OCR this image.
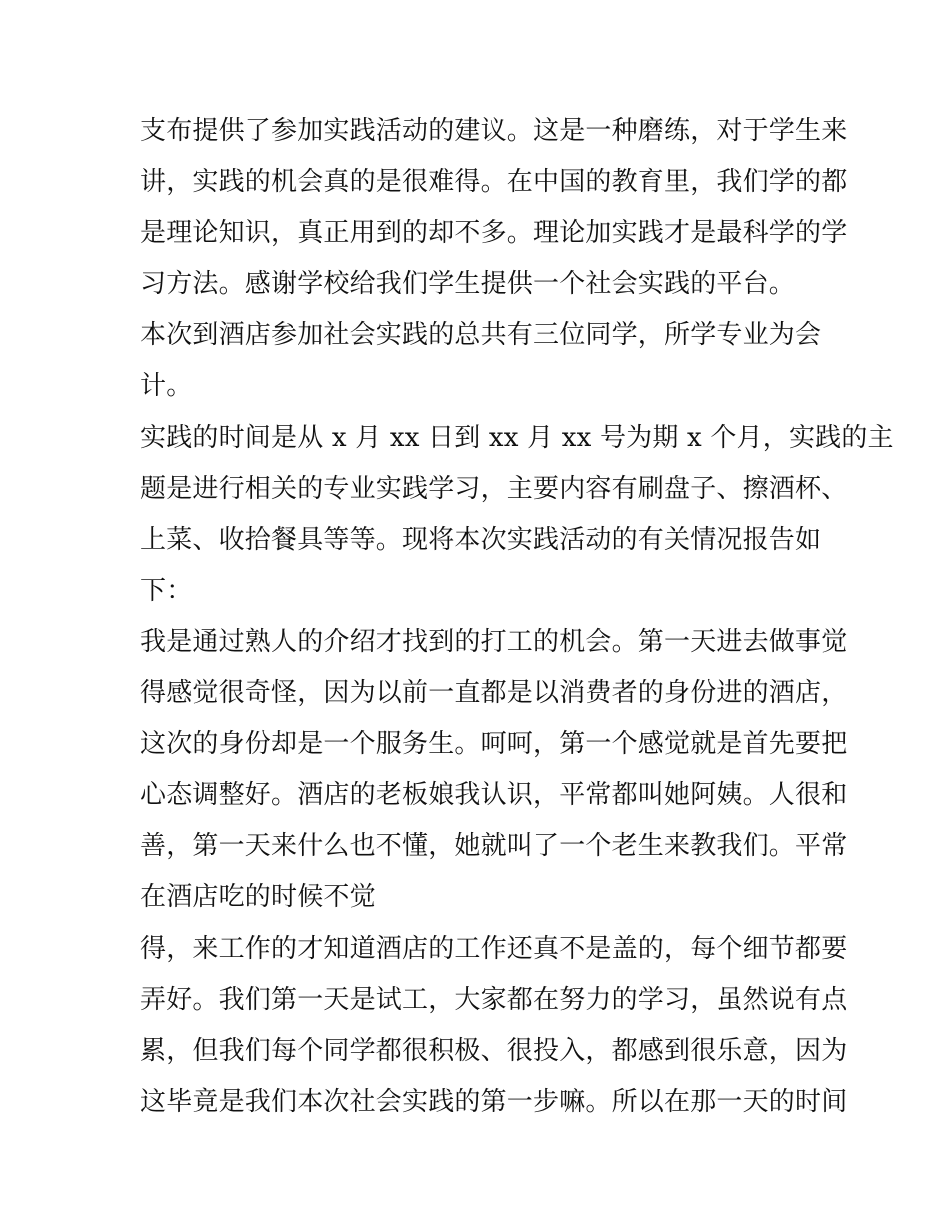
支布提供了参加实践活动的建议。这是一种磨练，对于学生来
讲，实践的机会真的是很难得。在中国的教育里，我们学的都
是理论知识，真正用到的却不多。理论加实践才是最科学的学
习方法。感谢学校给我们学生提供一个社会实践的平台。
本次到酒店参加社会实践的总共有三位同学，所学专业为会
计。
实践的时间是从 x 月 xx 日到 xx 月 xx 号为期 x 个月，实践的主
题是进行相关的专业实践学习，主要内容有刷盘子、擦酒杯、
上菜、收拾餐具等等。现将本次实践活动的有关情况报告如
下：
我是通过熟人的介绍才找到的打工的机会。第一天进去做事觉
得感觉很奇怪，因为以前一直都是以消费者的身份进的酒店，
这次的身份却是一个服务生。呵呵，第一个感觉就是首先要把
心态调整好。酒店的老板娘我认识，平常都叫她阿姨。人很和
善，第一天来什么也不懂，她就叫了一个老生来教我们。平常
在酒店吃的时候不觉
得，来工作的才知道酒店的工作还真不是盖的，每个细节都要
弄好。我们第一天是试工，大家都在努力的学习，虽然说有点
累，但我们每个同学都很积极、很投入，都感到很乐意，因为
这毕竟是我们本次社会实践的第一步嘛。所以在那一天的时间
